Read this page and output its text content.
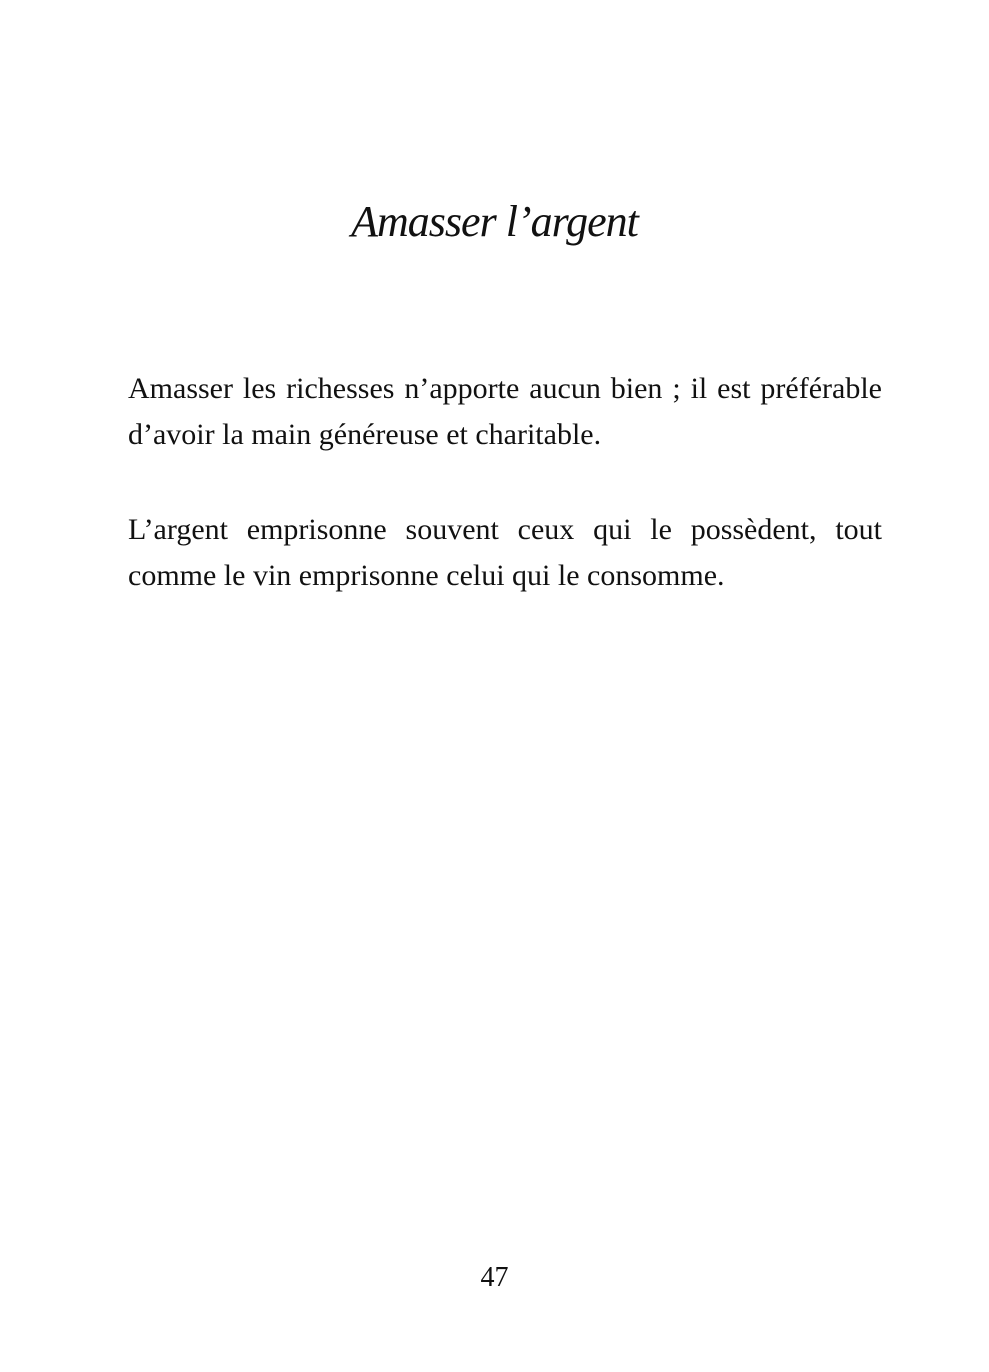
Amasser l’argent

Amasser les richesses n’apporte aucun bien ; il est préférable d’avoir la main généreuse et charitable.

L’argent emprisonne souvent ceux qui le possèdent, tout comme le vin emprisonne celui qui le consomme.

47
